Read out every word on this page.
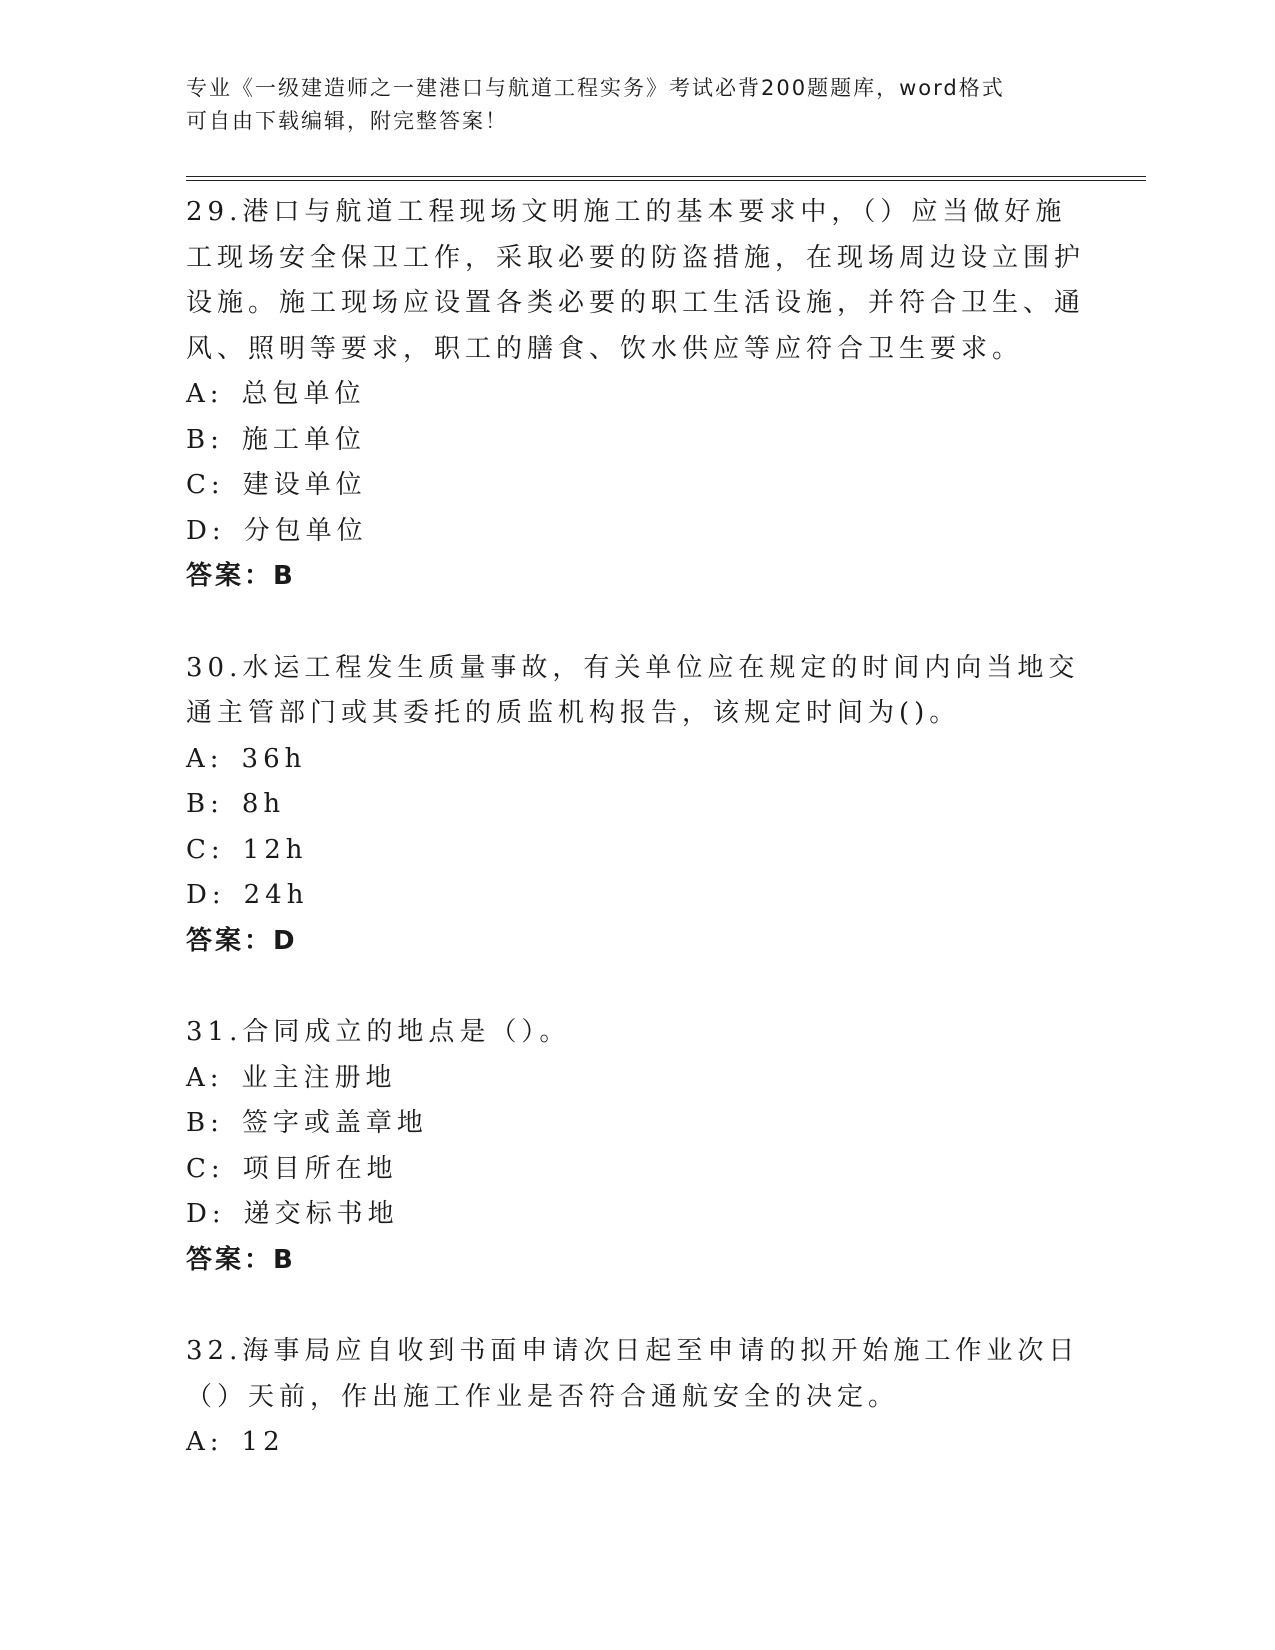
专业《一级建造师之一建港口与航道工程实务》考试必背200题题库，word格式

可自由下载编辑，附完整答案！

29.港口与航道工程现场文明施工的基本要求中，（）应当做好施工现场安全保卫工作，采取必要的防盗措施，在现场周边设立围护设施。施工现场应设置各类必要的职工生活设施，并符合卫生、通风、照明等要求，职工的膳食、饮水供应等应符合卫生要求。

A: 总包单位

B: 施工单位

C: 建设单位

D: 分包单位

答案：B

30.水运工程发生质量事故，有关单位应在规定的时间内向当地交通主管部门或其委托的质监机构报告，该规定时间为()。

A: 36h

B: 8h

C: 12h

D: 24h

答案：D

31.合同成立的地点是（）。

A: 业主注册地

B: 签字或盖章地

C: 项目所在地

D: 递交标书地

答案：B

32.海事局应自收到书面申请次日起至申请的拟开始施工作业次日（）天前，作出施工作业是否符合通航安全的决定。

A: 12
